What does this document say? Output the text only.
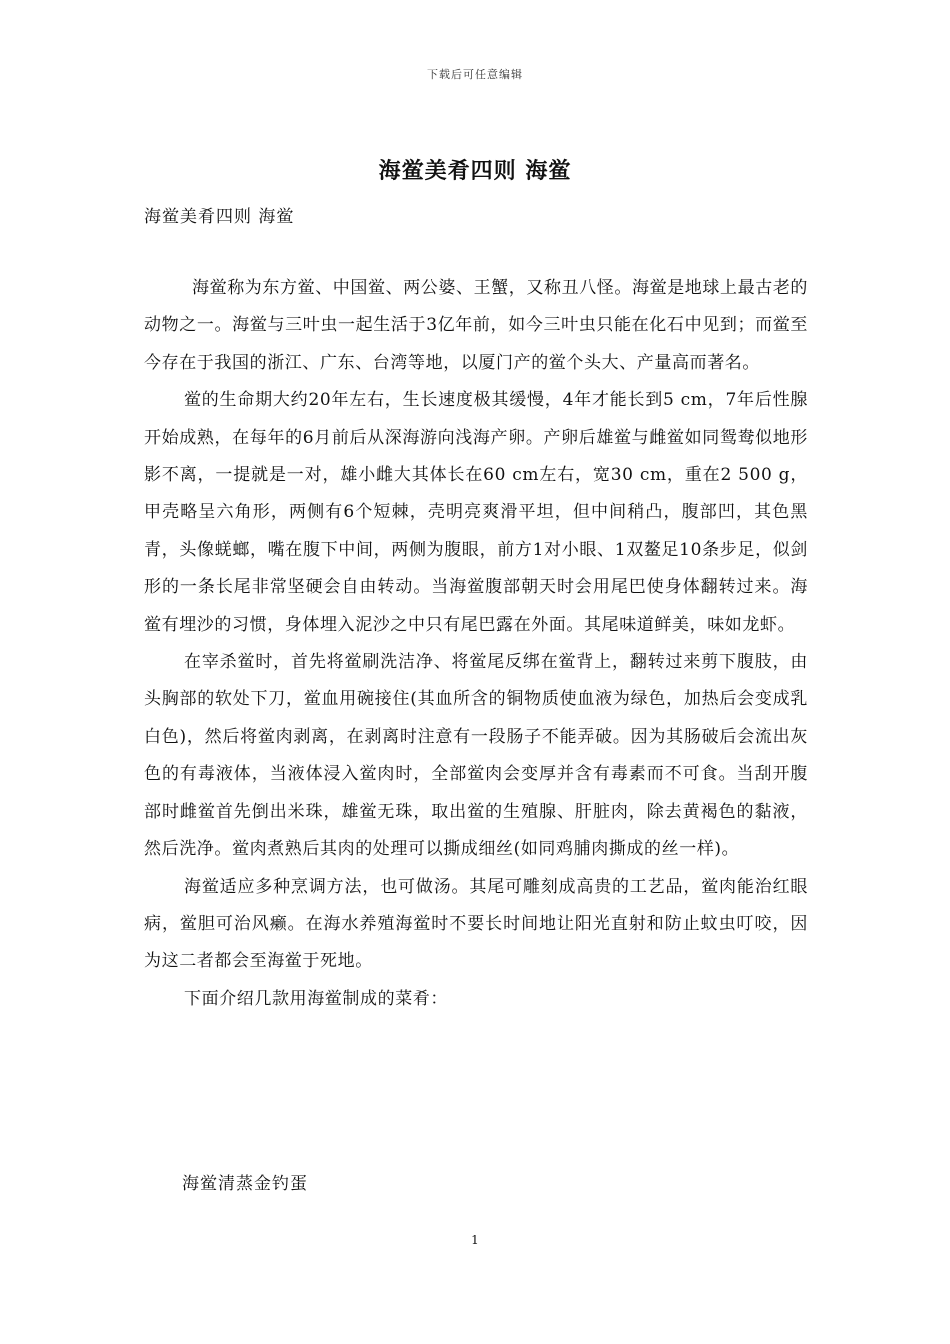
下载后可任意编辑
海鲎美肴四则 海鲎
海鲎美肴四则 海鲎

海鲎称为东方鲎、中国鲎、两公婆、王蟹，又称丑八怪。海鲎是地球上最古老的动物之一。海鲎与三叶虫一起生活于3亿年前，如今三叶虫只能在化石中见到；而鲎至今存在于我国的浙江、广东、台湾等地，以厦门产的鲎个头大、产量高而著名。

鲎的生命期大约20年左右，生长速度极其缓慢，4年才能长到5 cm，7年后性腺开始成熟，在每年的6月前后从深海游向浅海产卵。产卵后雄鲎与雌鲎如同鸳鸯似地形影不离，一提就是一对，雄小雌大其体长在60 cm左右，宽30 cm，重在2 500 g，甲壳略呈六角形，两侧有6个短棘，壳明亮爽滑平坦，但中间稍凸，腹部凹，其色黑青，头像蜣螂，嘴在腹下中间，两侧为腹眼，前方1对小眼、1双鳌足10条步足，似剑形的一条长尾非常坚硬会自由转动。当海鲎腹部朝天时会用尾巴使身体翻转过来。海鲎有埋沙的习惯，身体埋入泥沙之中只有尾巴露在外面。其尾味道鲜美，味如龙虾。

在宰杀鲎时，首先将鲎刷洗洁净、将鲎尾反绑在鲎背上，翻转过来剪下腹肢，由头胸部的软处下刀，鲎血用碗接住(其血所含的铜物质使血液为绿色，加热后会变成乳白色)，然后将鲎肉剥离，在剥离时注意有一段肠子不能弄破。因为其肠破后会流出灰色的有毒液体，当液体浸入鲎肉时，全部鲎肉会变厚并含有毒素而不可食。当刮开腹部时雌鲎首先倒出米珠，雄鲎无珠，取出鲎的生殖腺、肝脏肉，除去黄褐色的黏液，然后洗净。鲎肉煮熟后其肉的处理可以撕成细丝(如同鸡脯肉撕成的丝一样)。

海鲎适应多种烹调方法，也可做汤。其尾可雕刻成高贵的工艺品，鲎肉能治红眼病，鲎胆可治风癞。在海水养殖海鲎时不要长时间地让阳光直射和防止蚊虫叮咬，因为这二者都会至海鲎于死地。

下面介绍几款用海鲎制成的菜肴：

海鲎清蒸金钓蛋
1
